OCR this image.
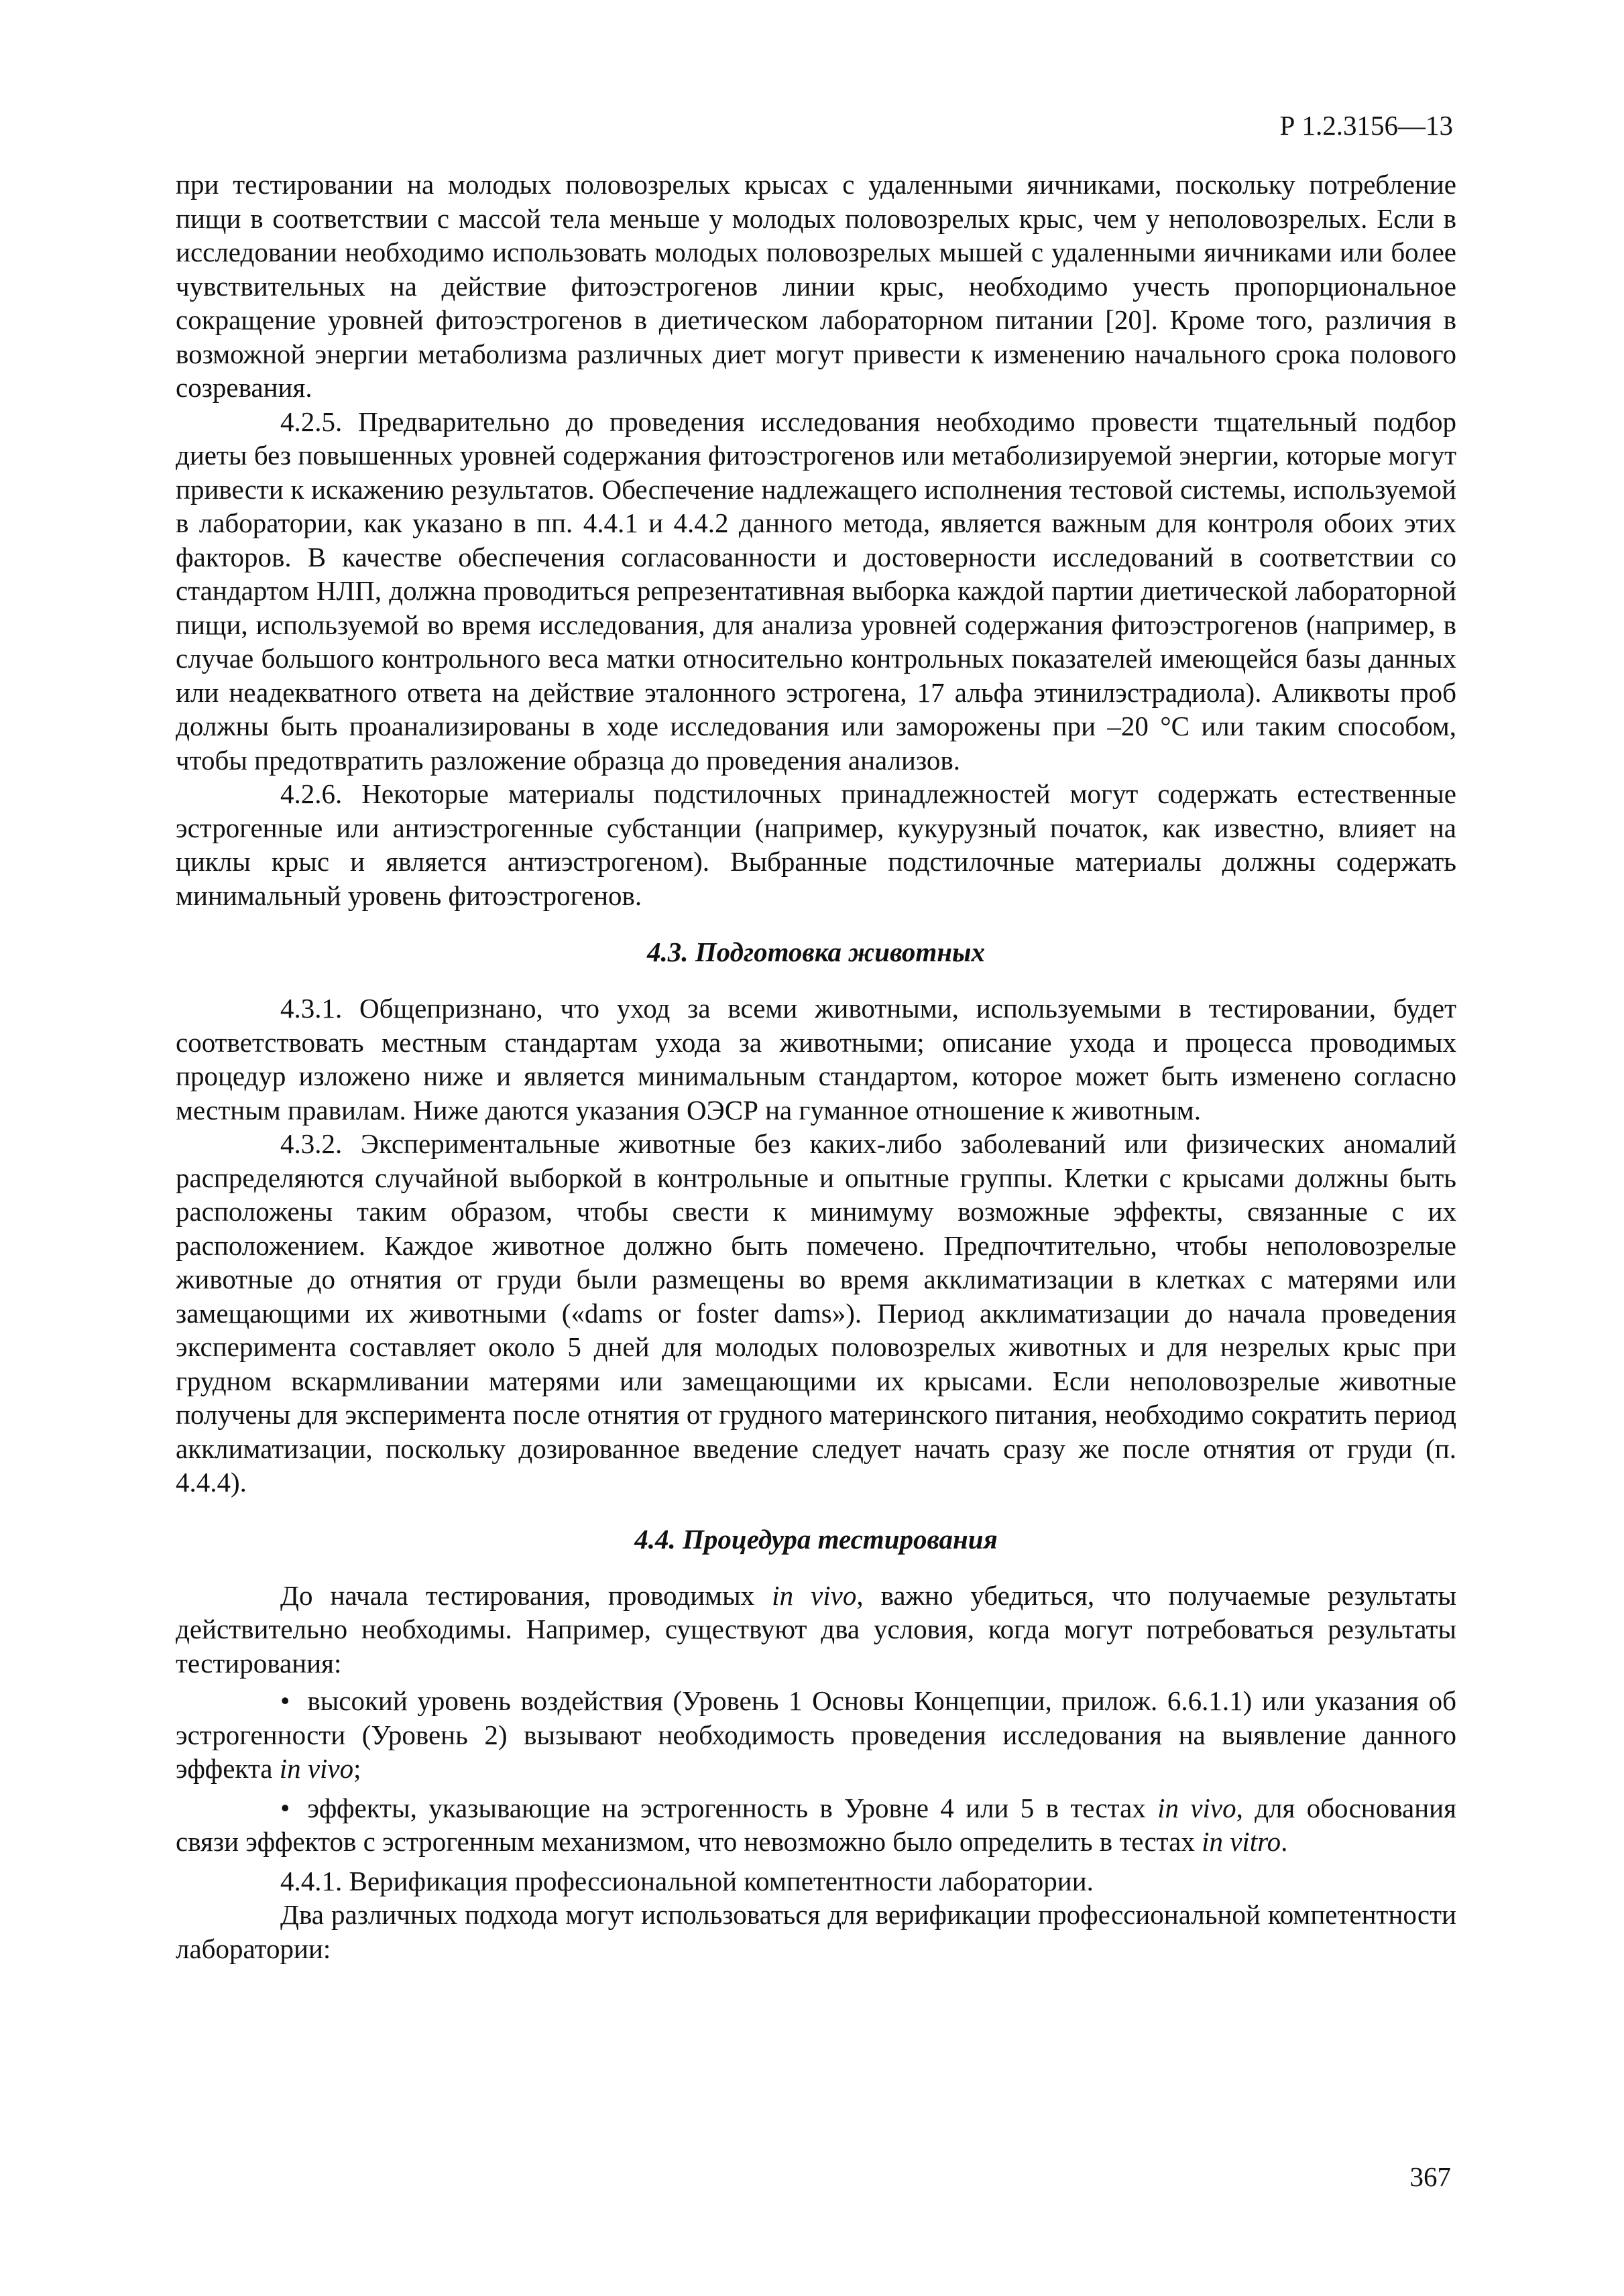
Р 1.2.3156—13

при тестировании на молодых половозрелых крысах с удаленными яичниками, поскольку потребление пищи в соответствии с массой тела меньше у молодых половозрелых крыс, чем у неполовозрелых. Если в исследовании необходимо использовать молодых половозрелых мышей с удаленными яичниками или более чувствительных на действие фитоэстрогенов линии крыс, необходимо учесть пропорциональное сокращение уровней фитоэстрогенов в диетическом лабораторном питании [20]. Кроме того, различия в возможной энергии метаболизма различных диет могут привести к изменению начального срока полового созревания.

4.2.5. Предварительно до проведения исследования необходимо провести тщательный подбор диеты без повышенных уровней содержания фитоэстрогенов или метаболизируемой энергии, которые могут привести к искажению результатов. Обеспечение надлежащего исполнения тестовой системы, используемой в лаборатории, как указано в пп. 4.4.1 и 4.4.2 данного метода, является важным для контроля обоих этих факторов. В качестве обеспечения согласованности и достоверности исследований в соответствии со стандартом НЛП, должна проводиться репрезентативная выборка каждой партии диетической лабораторной пищи, используемой во время исследования, для анализа уровней содержания фитоэстрогенов (например, в случае большого контрольного веса матки относительно контрольных показателей имеющейся базы данных или неадекватного ответа на действие эталонного эстрогена, 17 альфа этинилэстрадиола). Аликвоты проб должны быть проанализированы в ходе исследования или заморожены при –20 °С или таким способом, чтобы предотвратить разложение образца до проведения анализов.

4.2.6. Некоторые материалы подстилочных принадлежностей могут содержать естественные эстрогенные или антиэстрогенные субстанции (например, кукурузный початок, как известно, влияет на циклы крыс и является антиэстрогеном). Выбранные подстилочные материалы должны содержать минимальный уровень фитоэстрогенов.

4.3. Подготовка животных

4.3.1. Общепризнано, что уход за всеми животными, используемыми в тестировании, будет соответствовать местным стандартам ухода за животными; описание ухода и процесса проводимых процедур изложено ниже и является минимальным стандартом, которое может быть изменено согласно местным правилам. Ниже даются указания ОЭСР на гуманное отношение к животным.

4.3.2. Экспериментальные животные без каких-либо заболеваний или физических аномалий распределяются случайной выборкой в контрольные и опытные группы. Клетки с крысами должны быть расположены таким образом, чтобы свести к минимуму возможные эффекты, связанные с их расположением. Каждое животное должно быть помечено. Предпочтительно, чтобы неполовозрелые животные до отнятия от груди были размещены во время акклиматизации в клетках с матерями или замещающими их животными («dams or foster dams»). Период акклиматизации до начала проведения эксперимента составляет около 5 дней для молодых половозрелых животных и для незрелых крыс при грудном вскармливании матерями или замещающими их крысами. Если неполовозрелые животные получены для эксперимента после отнятия от грудного материнского питания, необходимо сократить период акклиматизации, поскольку дозированное введение следует начать сразу же после отнятия от груди (п. 4.4.4).

4.4. Процедура тестирования

До начала тестирования, проводимых in vivo, важно убедиться, что получаемые результаты действительно необходимы. Например, существуют два условия, когда могут потребоваться результаты тестирования:

• высокий уровень воздействия (Уровень 1 Основы Концепции, прилож. 6.6.1.1) или указания об эстрогенности (Уровень 2) вызывают необходимость проведения исследования на выявление данного эффекта in vivo;
• эффекты, указывающие на эстрогенность в Уровне 4 или 5 в тестах in vivo, для обоснования связи эффектов с эстрогенным механизмом, что невозможно было определить в тестах in vitro.

4.4.1. Верификация профессиональной компетентности лаборатории.

Два различных подхода могут использоваться для верификации профессиональной компетентности лаборатории:

367
